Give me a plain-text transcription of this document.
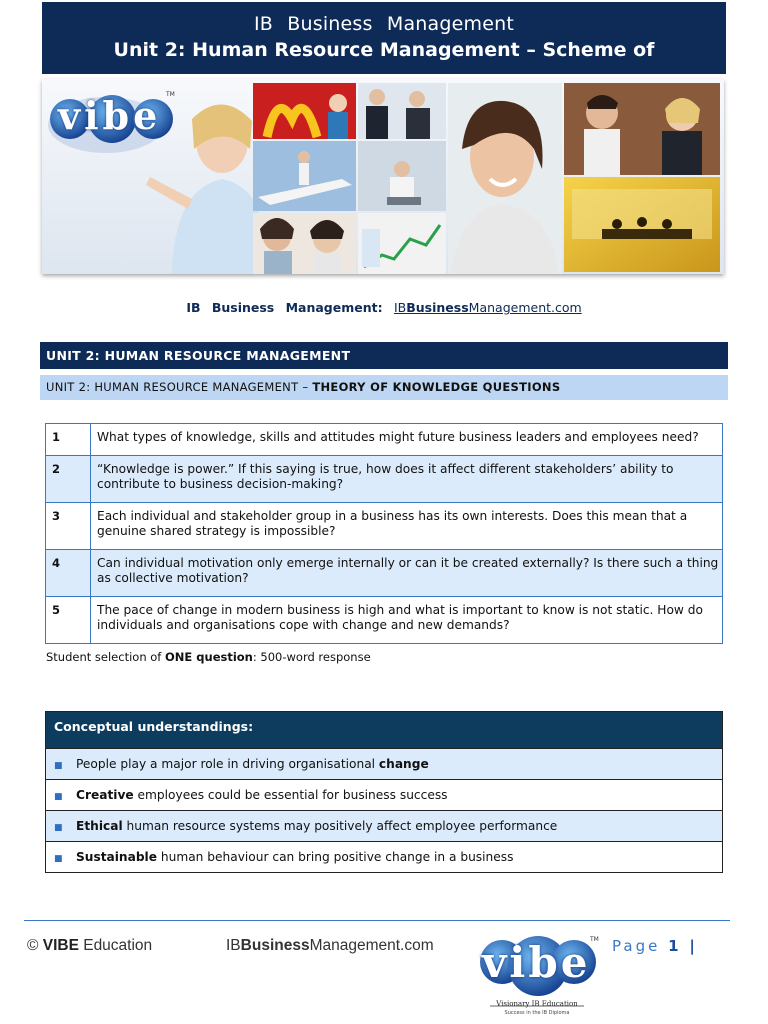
IB Business Management
Unit 2: Human Resource Management – Scheme of
vibe TM
IB Business Management: IBBusinessManagement.com
UNIT 2: HUMAN RESOURCE MANAGEMENT
UNIT 2: HUMAN RESOURCE MANAGEMENT – THEORY OF KNOWLEDGE QUESTIONS
1	What types of knowledge, skills and attitudes might future business leaders and employees need?
2	“Knowledge is power.” If this saying is true, how does it affect different stakeholders’ ability to contribute to business decision-making?
3	Each individual and stakeholder group in a business has its own interests. Does this mean that a genuine shared strategy is impossible?
4	Can individual motivation only emerge internally or can it be created externally? Is there such a thing as collective motivation?
5	The pace of change in modern business is high and what is important to know is not static. How do individuals and organisations cope with change and new demands?
Student selection of ONE question: 500-word response
Conceptual understandings:
■ People play a major role in driving organisational change
■ Creative employees could be essential for business success
■ Ethical human resource systems may positively affect employee performance
■ Sustainable human behaviour can bring positive change in a business
© VIBE Education	IBBusinessManagement.com vibe TM
Visionary IB Education
Success in the IB Diploma
Page 1 |
